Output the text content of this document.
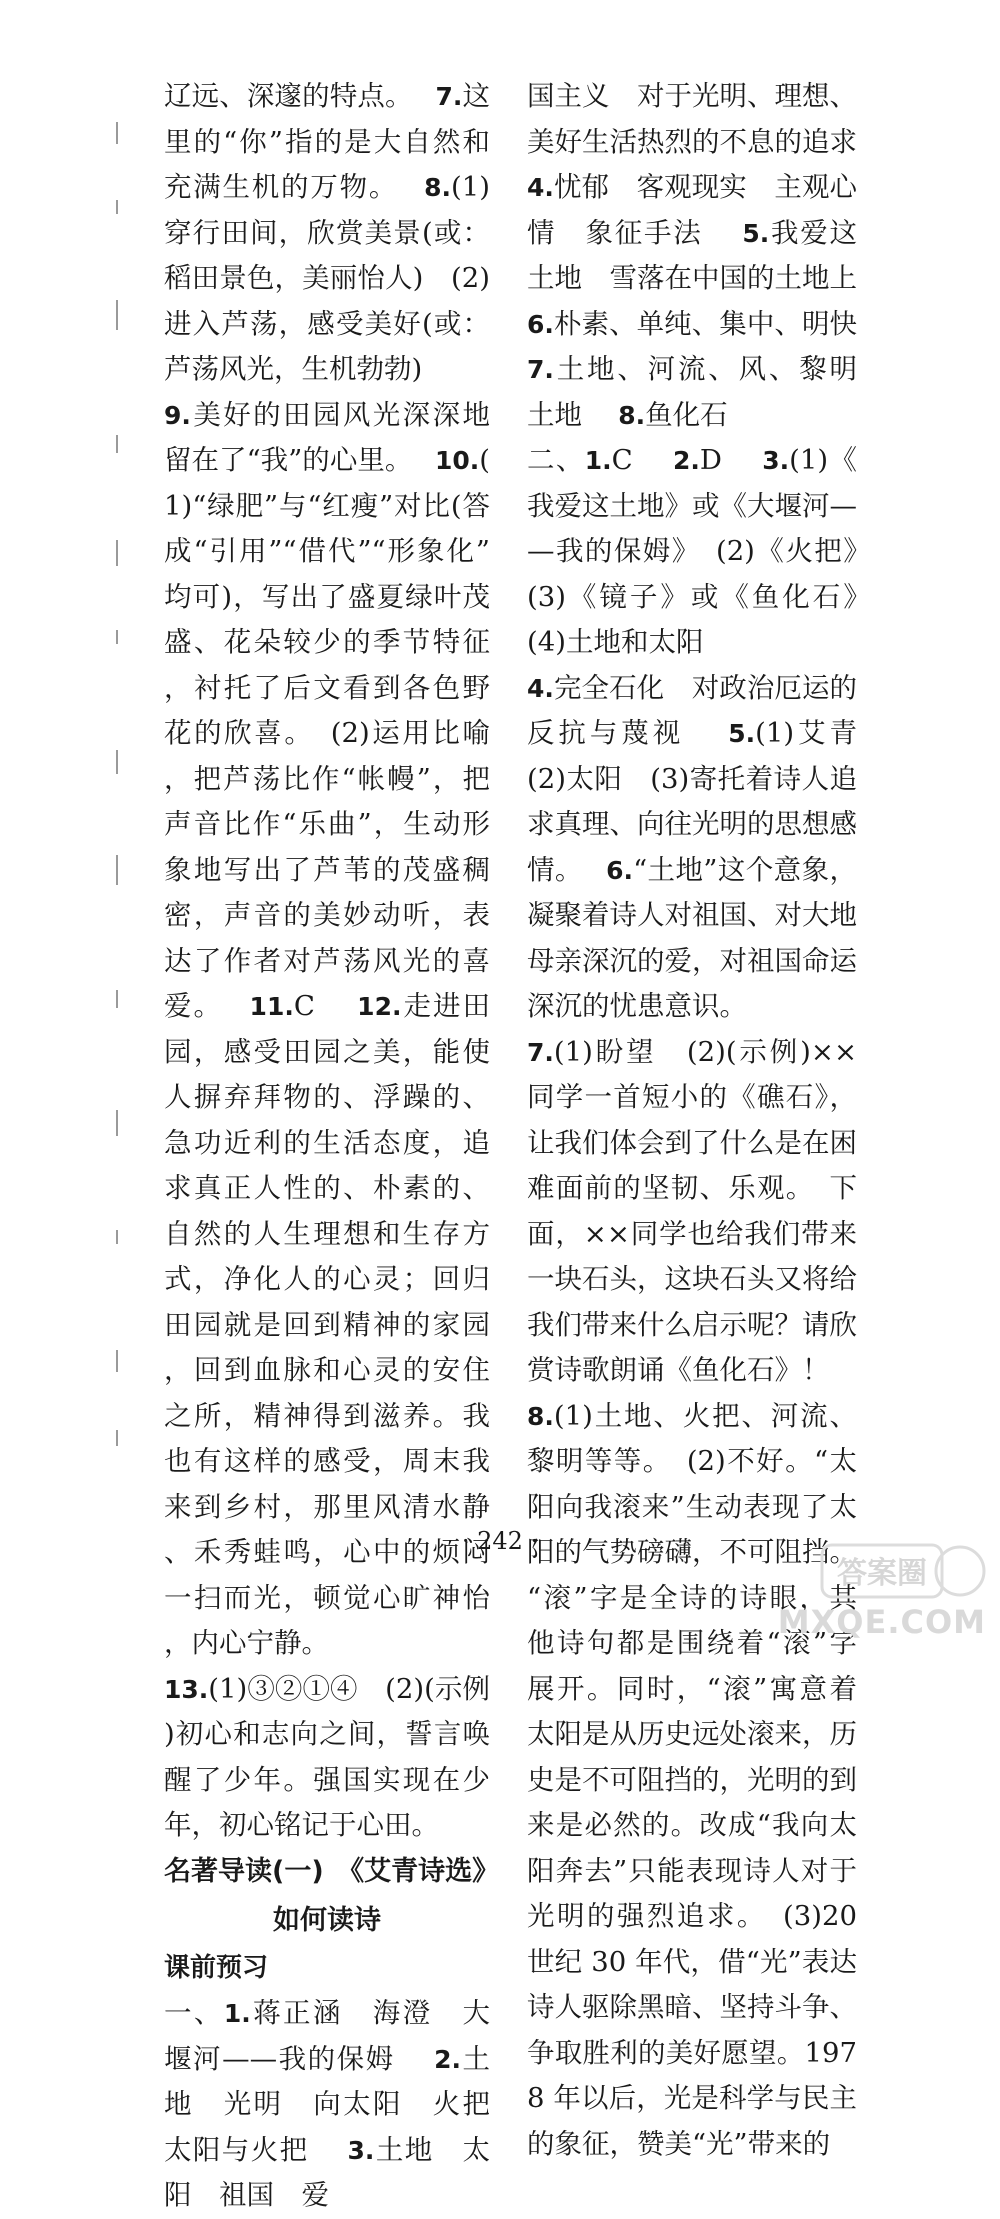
辽远、深邃的特点。　 7.这里的“你”指的是大自然和充满生机的万物。　 8.(1)穿行田间，欣赏美景(或：稻田景色，美丽怡人)　(2)进入芦荡，感受美好(或：芦荡风光，生机勃勃)

9.美好的田园风光深深地留在了“我”的心里。　 10.(1)“绿肥”与“红瘦”对比(答成“引用”“借代”“形象化”均可)，写出了盛夏绿叶茂盛、花朵较少的季节特征，衬托了后文看到各色野花的欣喜。　(2)运用比喻，把芦荡比作“帐幔”，把声音比作“乐曲”，生动形象地写出了芦苇的茂盛稠密，声音的美妙动听，表达了作者对芦荡风光的喜爱。　 11.C　 12.走进田园，感受田园之美，能使人摒弃拜物的、浮躁的、急功近利的生活态度，追求真正人性的、朴素的、自然的人生理想和生存方式，净化人的心灵；回归田园就是回到精神的家园，回到血脉和心灵的安住之所，精神得到滋养。我也有这样的感受，周末我来到乡村，那里风清水静、禾秀蛙鸣，心中的烦闷一扫而光，顿觉心旷神怡，内心宁静。

13.(1)③②①④　(2)(示例)初心和志向之间，誓言唤醒了少年。强国实现在少年，初心铭记于心田。

名著导读(一)　《艾青诗选》

如何读诗

课前预习

一、1.蒋正涵　海澄　大堰河——我的保姆　 2.土地　光明　向太阳　火把　太阳与火把　 3.土地　太阳　祖国　爱

国主义　对于光明、理想、美好生活热烈的不息的追求　 4.忧郁　客观现实　主观心情　象征手法　 5.我爱这土地　雪落在中国的土地上　 6.朴素、单纯、集中、明快　 7.土地、河流、风、黎明　土地　 8.鱼化石

二、1.C　 2.D　 3.(1)《我爱这土地》或《大堰河——我的保姆》　(2)《火把》　(3)《镜子》或《鱼化石》　(4)土地和太阳

4.完全石化　对政治厄运的反抗与蔑视　 5.(1)艾青　(2)太阳　(3)寄托着诗人追求真理、向往光明的思想感情。　 6.“土地”这个意象，凝聚着诗人对祖国、对大地母亲深沉的爱，对祖国命运深沉的忧患意识。

7.(1)盼望　(2)(示例)××同学一首短小的《礁石》，让我们体会到了什么是在困难面前的坚韧、乐观。　下面，××同学也给我们带来一块石头，这块石头又将给我们带来什么启示呢？请欣赏诗歌朗诵《鱼化石》！

8.(1)土地、火把、河流、黎明等等。　(2)不好。“太阳向我滚来”生动表现了太阳的气势磅礴，不可阻挡。“滚”字是全诗的诗眼，其他诗句都是围绕着“滚”字展开。同时，“滚”寓意着太阳是从历史远处滚来，历史是不可阻挡的，光明的到来是必然的。改成“我向太阳奔去”只能表现诗人对于光明的强烈追求。　(3)20 世纪 30 年代，借“光”表达诗人驱除黑暗、坚持斗争、争取胜利的美好愿望。1978 年以后，光是科学与民主的象征，赞美“光”带来的

· 242 ·
答案圈
MXQE.COM
